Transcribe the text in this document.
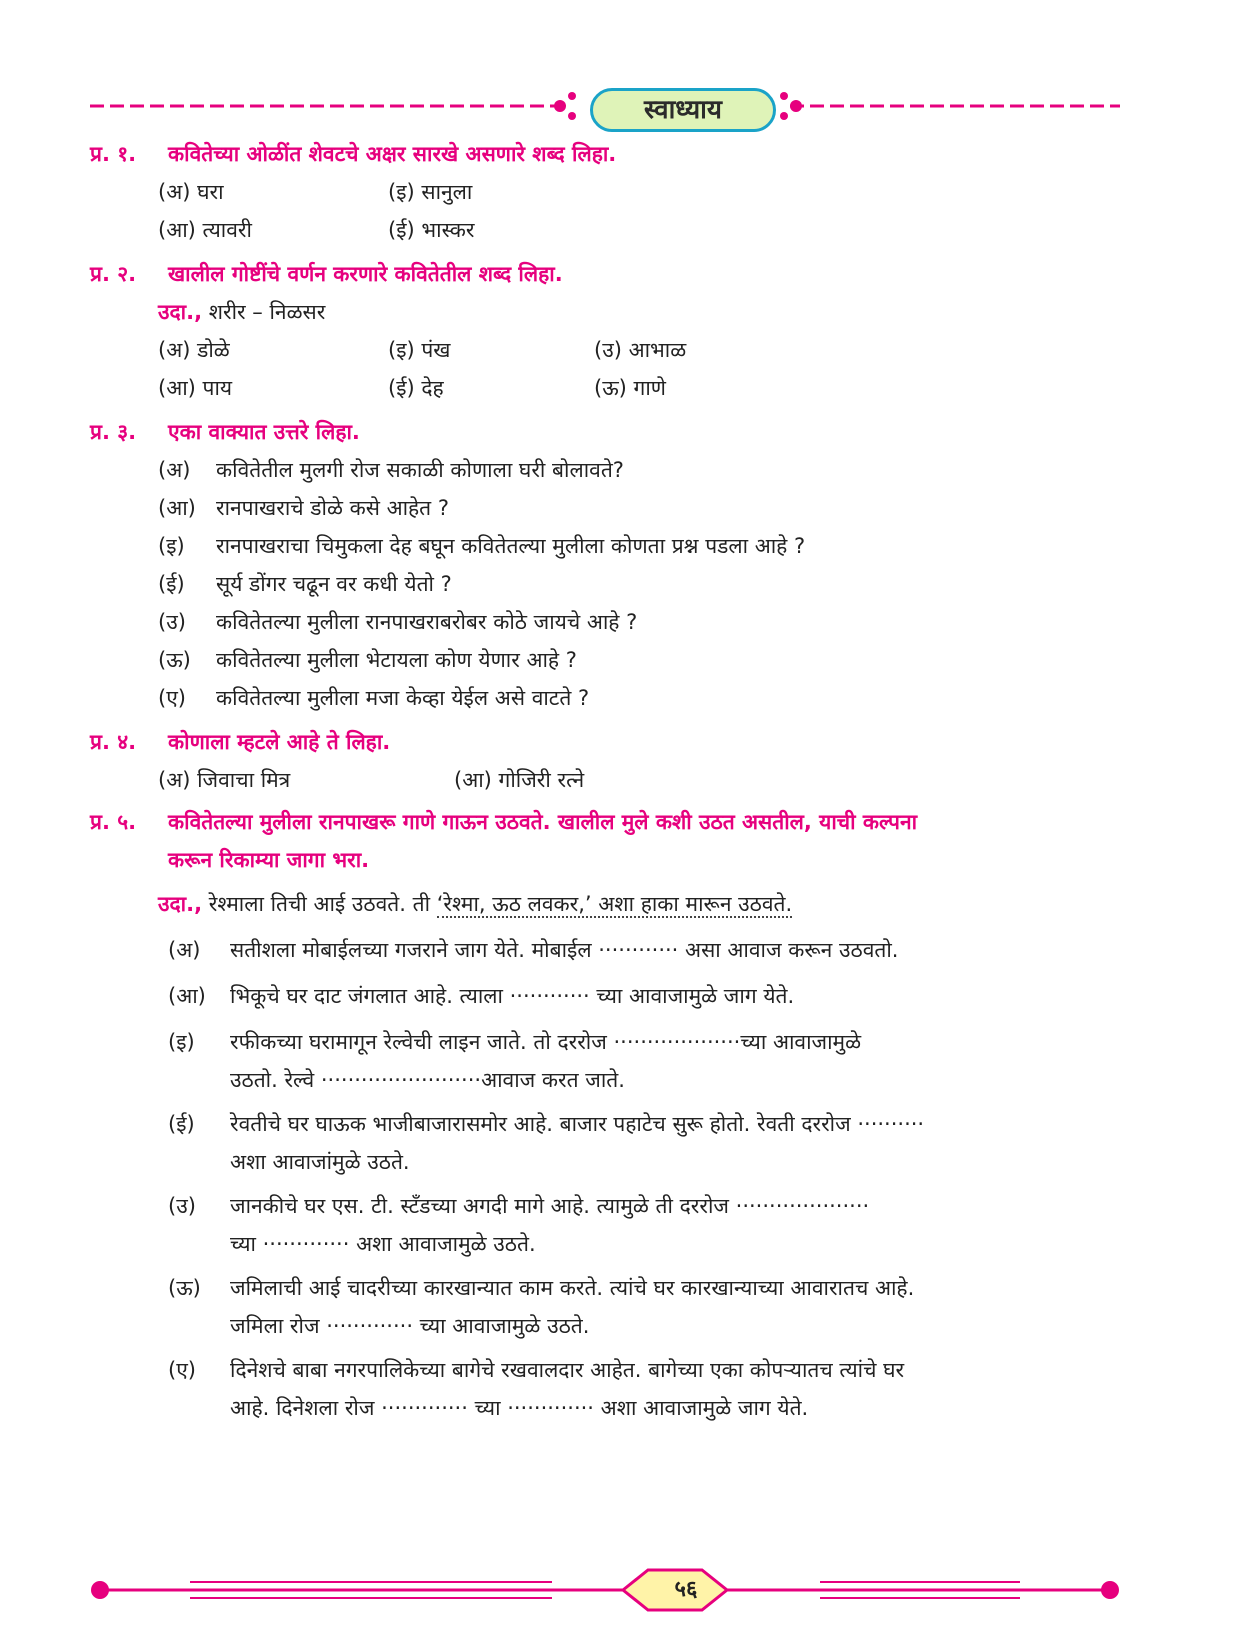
स्वाध्याय
प्र. १. कवितेच्या ओळींत शेवटचे अक्षर सारखे असणारे शब्द लिहा.
(अ) घरा	(इ) सानुला
(आ) त्यावरी	(ई) भास्कर
प्र. २. खालील गोष्टींचे वर्णन करणारे कवितेतील शब्द लिहा.
उदा., शरीर – निळसर
(अ) डोळे	(इ) पंख	(उ) आभाळ
(आ) पाय	(ई) देह	(ऊ) गाणे
प्र. ३. एका वाक्यात उत्तरे लिहा.
(अ) कवितेतील मुलगी रोज सकाळी कोणाला घरी बोलावते?
(आ) रानपाखराचे डोळे कसे आहेत ?
(इ) रानपाखराचा चिमुकला देह बघून कवितेतल्या मुलीला कोणता प्रश्न पडला आहे ?
(ई) सूर्य डोंगर चढून वर कधी येतो ?
(उ) कवितेतल्या मुलीला रानपाखराबरोबर कोठे जायचे आहे ?
(ऊ) कवितेतल्या मुलीला भेटायला कोण येणार आहे ?
(ए) कवितेतल्या मुलीला मजा केव्हा येईल असे वाटते ?
प्र. ४. कोणाला म्हटले आहे ते लिहा.
(अ) जिवाचा मित्र	(आ) गोजिरी रत्ने
प्र. ५. कवितेतल्या मुलीला रानपाखरू गाणे गाऊन उठवते. खालील मुले कशी उठत असतील, याची कल्पना
करून रिकाम्या जागा भरा.
उदा., रेश्माला तिची आई उठवते. ती ‘रेश्मा, ऊठ लवकर,’ अशा हाका मारून उठवते.
(अ) सतीशला मोबाईलच्या गजराने जाग येते. मोबाईल ············ असा आवाज करून उठवतो.
(आ) भिकूचे घर दाट जंगलात आहे. त्याला ············ च्या आवाजामुळे जाग येते.
(इ) रफीकच्या घरामागून रेल्वेची लाइन जाते. तो दररोज ···················च्या आवाजामुळे
उठतो. रेल्वे ························आवाज करत जाते.
(ई) रेवतीचे घर घाऊक भाजीबाजारासमोर आहे. बाजार पहाटेच सुरू होतो. रेवती दररोज ··········
अशा आवाजांमुळे उठते.
(उ) जानकीचे घर एस. टी. स्टँडच्या अगदी मागे आहे. त्यामुळे ती दररोज ····················
च्या ············· अशा आवाजामुळे उठते.
(ऊ) जमिलाची आई चादरीच्या कारखान्यात काम करते. त्यांचे घर कारखान्याच्या आवारातच आहे.
जमिला रोज ············· च्या आवाजामुळे उठते.
(ए) दिनेशचे बाबा नगरपालिकेच्या बागेचे रखवालदार आहेत. बागेच्या एका कोपऱ्यातच त्यांचे घर
आहे. दिनेशला रोज ············· च्या ············· अशा आवाजामुळे जाग येते.
५६
